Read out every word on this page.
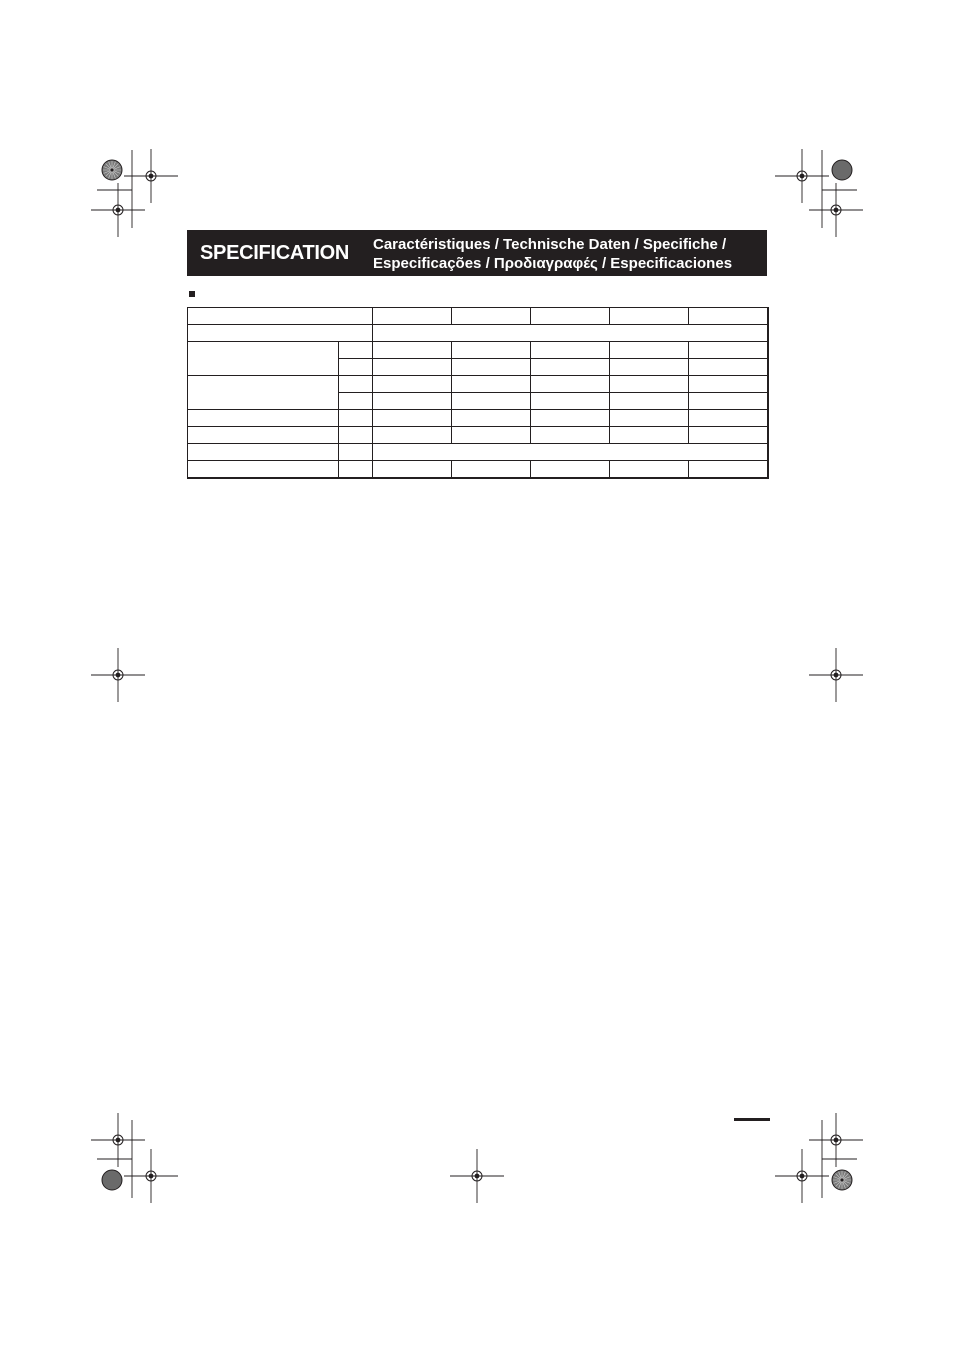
SPECIFICATION Caractéristiques / Technische Daten / Specifiche /
Especificações / Προδιαγραφές / Especificaciones
